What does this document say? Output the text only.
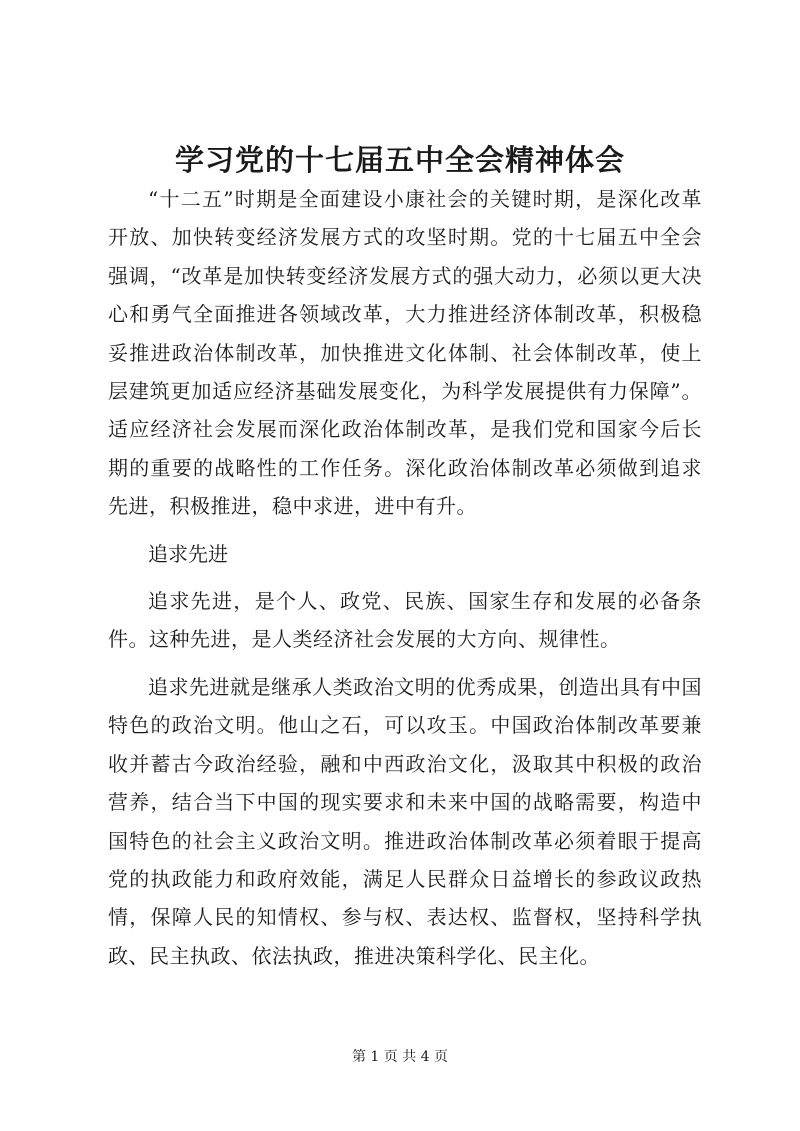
学习党的十七届五中全会精神体会

“十二五”时期是全面建设小康社会的关键时期，是深化改革开放、加快转变经济发展方式的攻坚时期。党的十七届五中全会强调，“改革是加快转变经济发展方式的强大动力，必须以更大决心和勇气全面推进各领域改革，大力推进经济体制改革，积极稳妥推进政治体制改革，加快推进文化体制、社会体制改革，使上层建筑更加适应经济基础发展变化，为科学发展提供有力保障”。适应经济社会发展而深化政治体制改革，是我们党和国家今后长期的重要的战略性的工作任务。深化政治体制改革必须做到追求先进，积极推进，稳中求进，进中有升。

追求先进

追求先进，是个人、政党、民族、国家生存和发展的必备条件。这种先进，是人类经济社会发展的大方向、规律性。

追求先进就是继承人类政治文明的优秀成果，创造出具有中国特色的政治文明。他山之石，可以攻玉。中国政治体制改革要兼收并蓄古今政治经验，融和中西政治文化，汲取其中积极的政治营养，结合当下中国的现实要求和未来中国的战略需要，构造中国特色的社会主义政治文明。推进政治体制改革必须着眼于提高党的执政能力和政府效能，满足人民群众日益增长的参政议政热情，保障人民的知情权、参与权、表达权、监督权，坚持科学执政、民主执政、依法执政，推进决策科学化、民主化。

第 1 页 共 4 页
